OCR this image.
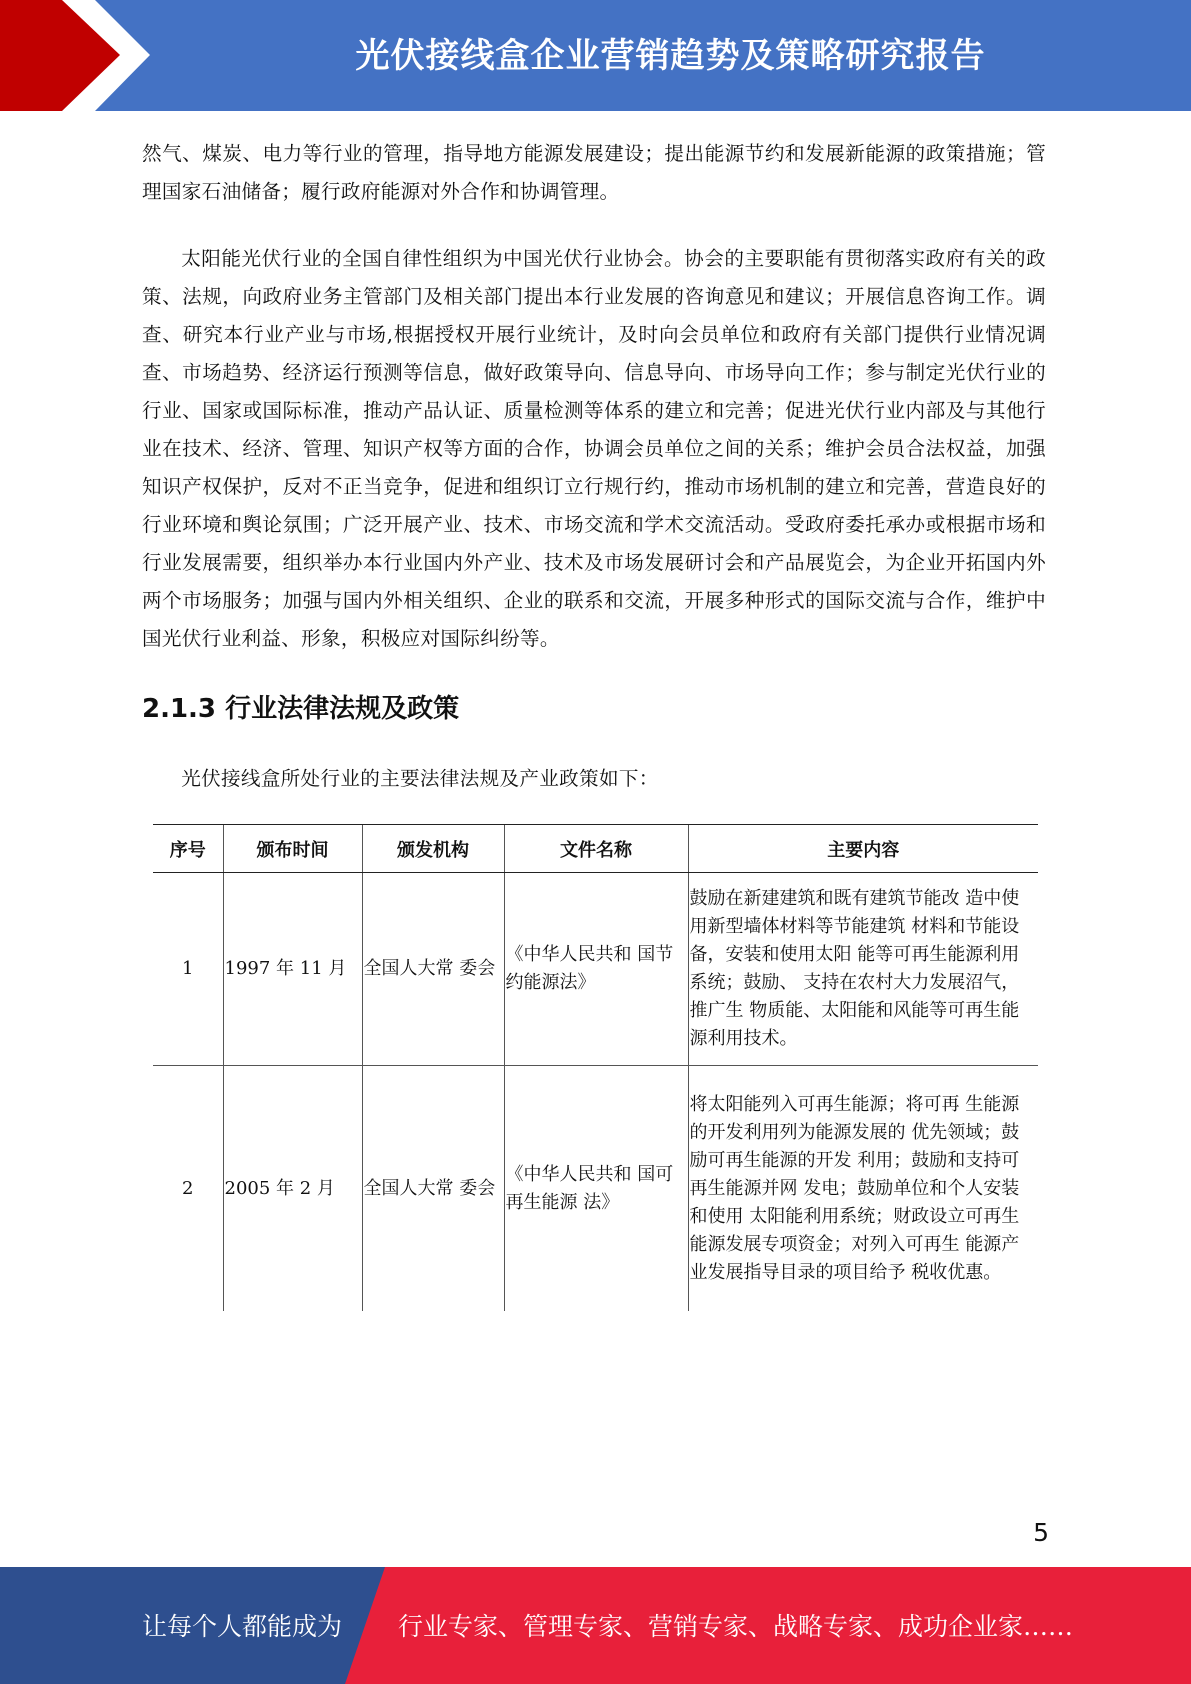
光伏接线盒企业营销趋势及策略研究报告

然气、煤炭、电力等行业的管理，指导地方能源发展建设；提出能源节约和发展新能源的政策措施；管理国家石油储备；履行政府能源对外合作和协调管理。

太阳能光伏行业的全国自律性组织为中国光伏行业协会。协会的主要职能有贯彻落实政府有关的政策、法规，向政府业务主管部门及相关部门提出本行业发展的咨询意见和建议；开展信息咨询工作。调查、研究本行业产业与市场,根据授权开展行业统计，及时向会员单位和政府有关部门提供行业情况调查、市场趋势、经济运行预测等信息，做好政策导向、信息导向、市场导向工作；参与制定光伏行业的行业、国家或国际标准，推动产品认证、质量检测等体系的建立和完善；促进光伏行业内部及与其他行业在技术、经济、管理、知识产权等方面的合作，协调会员单位之间的关系；维护会员合法权益，加强知识产权保护，反对不正当竞争，促进和组织订立行规行约，推动市场机制的建立和完善，营造良好的行业环境和舆论氛围；广泛开展产业、技术、市场交流和学术交流活动。受政府委托承办或根据市场和行业发展需要，组织举办本行业国内外产业、技术及市场发展研讨会和产品展览会，为企业开拓国内外两个市场服务；加强与国内外相关组织、企业的联系和交流，开展多种形式的国际交流与合作，维护中国光伏行业利益、形象，积极应对国际纠纷等。

2.1.3 行业法律法规及政策

光伏接线盒所处行业的主要法律法规及产业政策如下：

序号	颁布时间	颁发机构	文件名称	主要内容
1	1997 年 11 月	全国人大常 委会	《中华人民共和 国节约能源法》	鼓励在新建建筑和既有建筑节能改 造中使用新型墙体材料等节能建筑 材料和节能设备，安装和使用太阳 能等可再生能源利用系统；鼓励、 支持在农村大力发展沼气，推广生 物质能、太阳能和风能等可再生能 源利用技术。
2	2005 年 2 月	全国人大常 委会	《中华人民共和 国可再生能源 法》	将太阳能列入可再生能源；将可再 生能源的开发利用列为能源发展的 优先领域；鼓励可再生能源的开发 利用；鼓励和支持可再生能源并网 发电；鼓励单位和个人安装和使用 太阳能利用系统；财政设立可再生 能源发展专项资金；对列入可再生 能源产业发展指导目录的项目给予 税收优惠。
5
让每个人都能成为 行业专家、管理专家、营销专家、战略专家、成功企业家……
